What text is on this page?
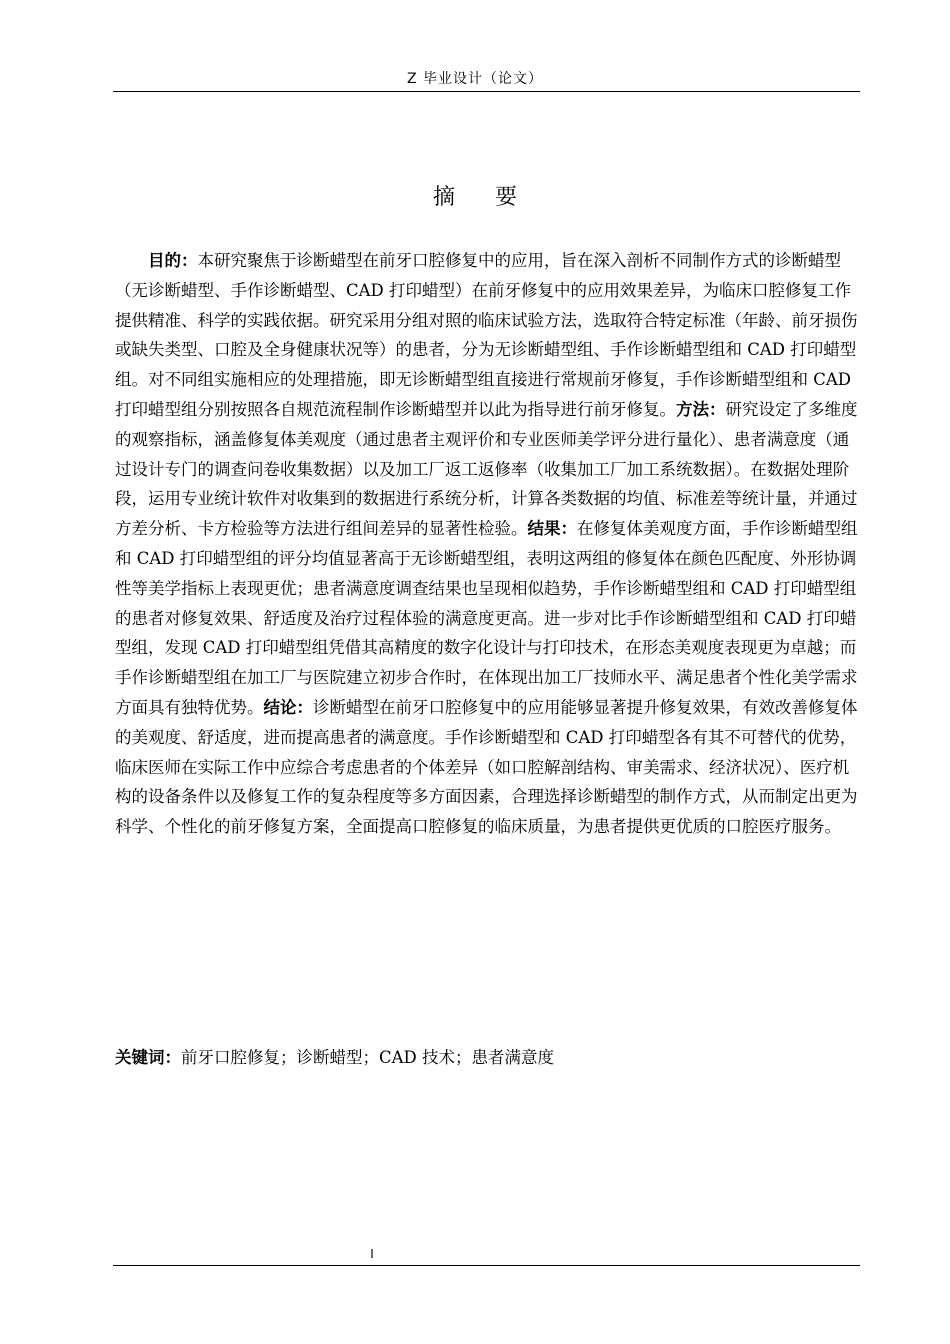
Z 毕业设计（论文）
摘要
目的：本研究聚焦于诊断蜡型在前牙口腔修复中的应用，旨在深入剖析不同制作方式的诊断蜡型（无诊断蜡型、手作诊断蜡型、CAD 打印蜡型）在前牙修复中的应用效果差异，为临床口腔修复工作提供精准、科学的实践依据。研究采用分组对照的临床试验方法，选取符合特定标准（年龄、前牙损伤或缺失类型、口腔及全身健康状况等）的患者，分为无诊断蜡型组、手作诊断蜡型组和 CAD 打印蜡型组。对不同组实施相应的处理措施，即无诊断蜡型组直接进行常规前牙修复，手作诊断蜡型组和 CAD 打印蜡型组分别按照各自规范流程制作诊断蜡型并以此为指导进行前牙修复。方法：研究设定了多维度的观察指标，涵盖修复体美观度（通过患者主观评价和专业医师美学评分进行量化）、患者满意度（通过设计专门的调查问卷收集数据）以及加工厂返工返修率（收集加工厂加工系统数据）。在数据处理阶段，运用专业统计软件对收集到的数据进行系统分析，计算各类数据的均值、标准差等统计量，并通过方差分析、卡方检验等方法进行组间差异的显著性检验。结果：在修复体美观度方面，手作诊断蜡型组和 CAD 打印蜡型组的评分均值显著高于无诊断蜡型组，表明这两组的修复体在颜色匹配度、外形协调性等美学指标上表现更优；患者满意度调查结果也呈现相似趋势，手作诊断蜡型组和 CAD 打印蜡型组的患者对修复效果、舒适度及治疗过程体验的满意度更高。进一步对比手作诊断蜡型组和 CAD 打印蜡型组，发现 CAD 打印蜡型组凭借其高精度的数字化设计与打印技术，在形态美观度表现更为卓越；而手作诊断蜡型组在加工厂与医院建立初步合作时，在体现出加工厂技师水平、满足患者个性化美学需求方面具有独特优势。结论：诊断蜡型在前牙口腔修复中的应用能够显著提升修复效果，有效改善修复体的美观度、舒适度，进而提高患者的满意度。手作诊断蜡型和 CAD 打印蜡型各有其不可替代的优势，临床医师在实际工作中应综合考虑患者的个体差异（如口腔解剖结构、审美需求、经济状况）、医疗机构的设备条件以及修复工作的复杂程度等多方面因素，合理选择诊断蜡型的制作方式，从而制定出更为科学、个性化的前牙修复方案，全面提高口腔修复的临床质量，为患者提供更优质的口腔医疗服务。
关键词：前牙口腔修复；诊断蜡型；CAD 技术；患者满意度
I
